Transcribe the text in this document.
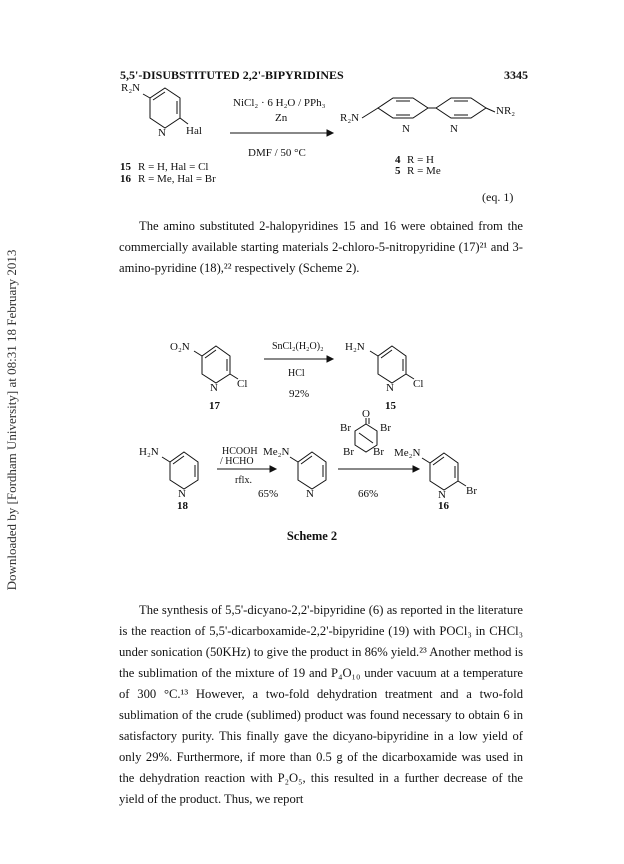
Downloaded by [Fordham University] at 08:31 18 February 2013
5,5'-DISUBSTITUTED 2,2'-BIPYRIDINES	3345
R₂N
N Hal
NiCl₂ · 6 H₂O / PPh₃
Zn
DMF / 50 °C
15 R = H, Hal = Cl
16 R = Me, Hal = Br
R₂N
NR₂
N	N
4 R = H
5 R = Me
(eq. 1)

The amino substituted 2-halopyridines 15 and 16 were obtained from the commercially available starting materials 2-chloro-5-nitropyridine (17)²¹ and 3-amino-pyridine (18),²² respectively (Scheme 2).

O₂N
N Cl
17
SnCl₂(H₂O)₂
HCl
92%
H₂N
N Cl
15
H₂N
N
18
HCOOH
/ HCHO
rflx.
65%
Me₂N
N
O
Br	Br
Br Br
66%
Me₂N
N Br
16
Scheme 2

The synthesis of 5,5'-dicyano-2,2'-bipyridine (6) as reported in the literature is the reaction of 5,5'-dicarboxamide-2,2'-bipyridine (19) with POCl₃ in CHCl₃ under sonication (50KHz) to give the product in 86% yield.²³ Another method is the sublimation of the mixture of 19 and P₄O₁₀ under vacuum at a temperature of 300 °C.¹³ However, a two-fold dehydration treatment and a two-fold sublimation of the crude (sublimed) product was found necessary to obtain 6 in satisfactory purity. This finally gave the dicyano-bipyridine in a low yield of only 29%. Furthermore, if more than 0.5 g of the dicarboxamide was used in the dehydration reaction with P₂O₅, this resulted in a further decrease of the yield of the product. Thus, we report
